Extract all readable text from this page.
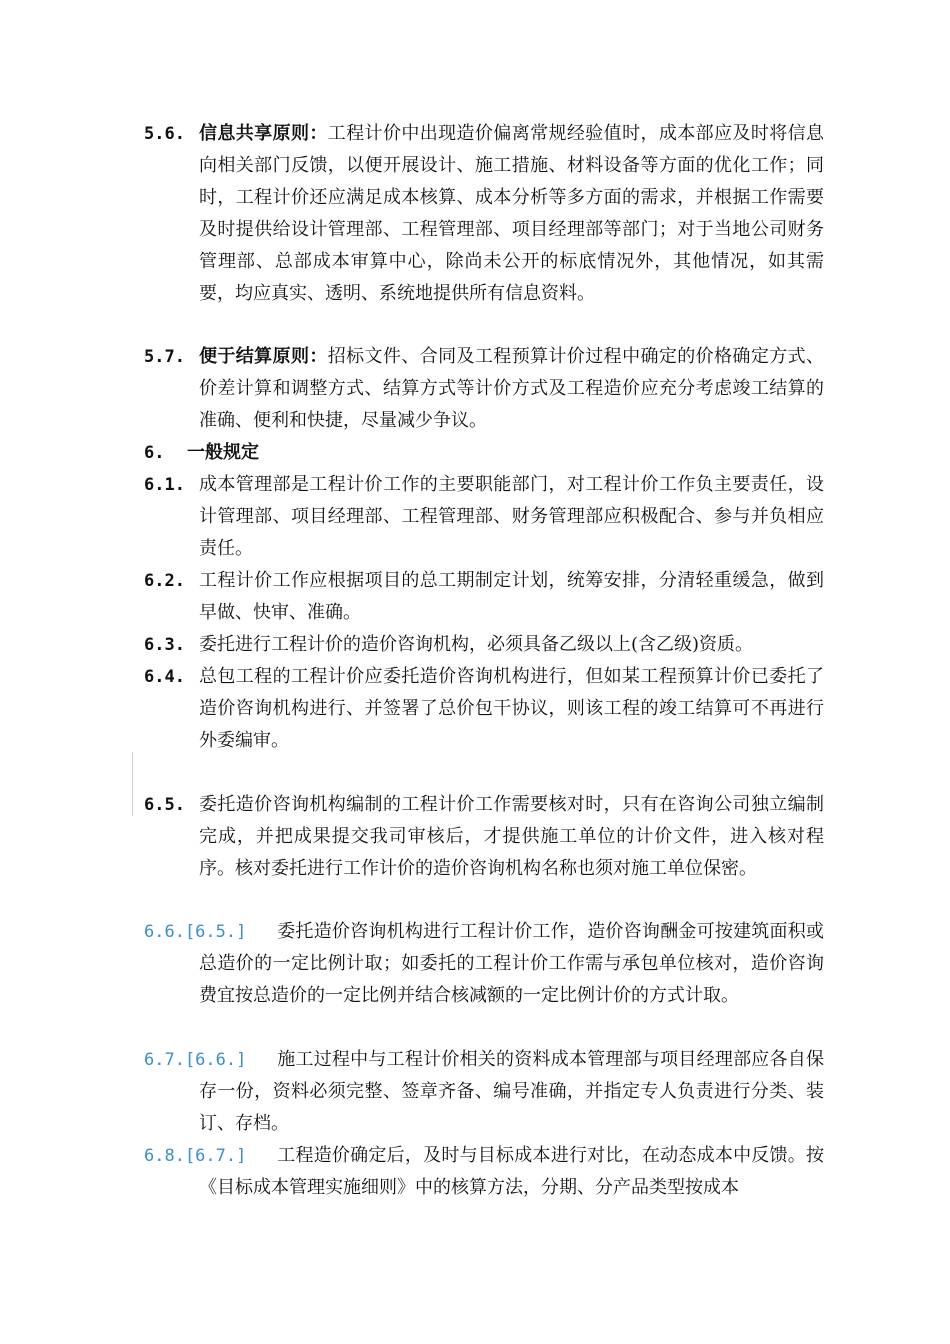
5.6. 信息共享原则：工程计价中出现造价偏离常规经验值时，成本部应及时将信息向相关部门反馈，以便开展设计、施工措施、材料设备等方面的优化工作；同时，工程计价还应满足成本核算、成本分析等多方面的需求，并根据工作需要及时提供给设计管理部、工程管理部、项目经理部等部门；对于当地公司财务管理部、总部成本审算中心，除尚未公开的标底情况外，其他情况，如其需要，均应真实、透明、系统地提供所有信息资料。
5.7. 便于结算原则：招标文件、合同及工程预算计价过程中确定的价格确定方式、价差计算和调整方式、结算方式等计价方式及工程造价应充分考虑竣工结算的准确、便利和快捷，尽量减少争议。
6. 一般规定
6.1. 成本管理部是工程计价工作的主要职能部门，对工程计价工作负主要责任，设计管理部、项目经理部、工程管理部、财务管理部应积极配合、参与并负相应责任。
6.2. 工程计价工作应根据项目的总工期制定计划，统筹安排，分清轻重缓急，做到早做、快审、准确。
6.3. 委托进行工程计价的造价咨询机构，必须具备乙级以上(含乙级)资质。
6.4. 总包工程的工程计价应委托造价咨询机构进行，但如某工程预算计价已委托了造价咨询机构进行、并签署了总价包干协议，则该工程的竣工结算可不再进行外委编审。
6.5. 委托造价咨询机构编制的工程计价工作需要核对时，只有在咨询公司独立编制完成，并把成果提交我司审核后，才提供施工单位的计价文件，进入核对程序。核对委托进行工作计价的造价咨询机构名称也须对施工单位保密。
6.6.[6.5.]	委托造价咨询机构进行工程计价工作，造价咨询酬金可按建筑面积或总造价的一定比例计取；如委托的工程计价工作需与承包单位核对，造价咨询费宜按总造价的一定比例并结合核减额的一定比例计价的方式计取。
6.7.[6.6.]	施工过程中与工程计价相关的资料成本管理部与项目经理部应各自保存一份，资料必须完整、签章齐备、编号准确，并指定专人负责进行分类、装订、存档。
6.8.[6.7.]	工程造价确定后，及时与目标成本进行对比，在动态成本中反馈。按《目标成本管理实施细则》中的核算方法，分期、分产品类型按成本
